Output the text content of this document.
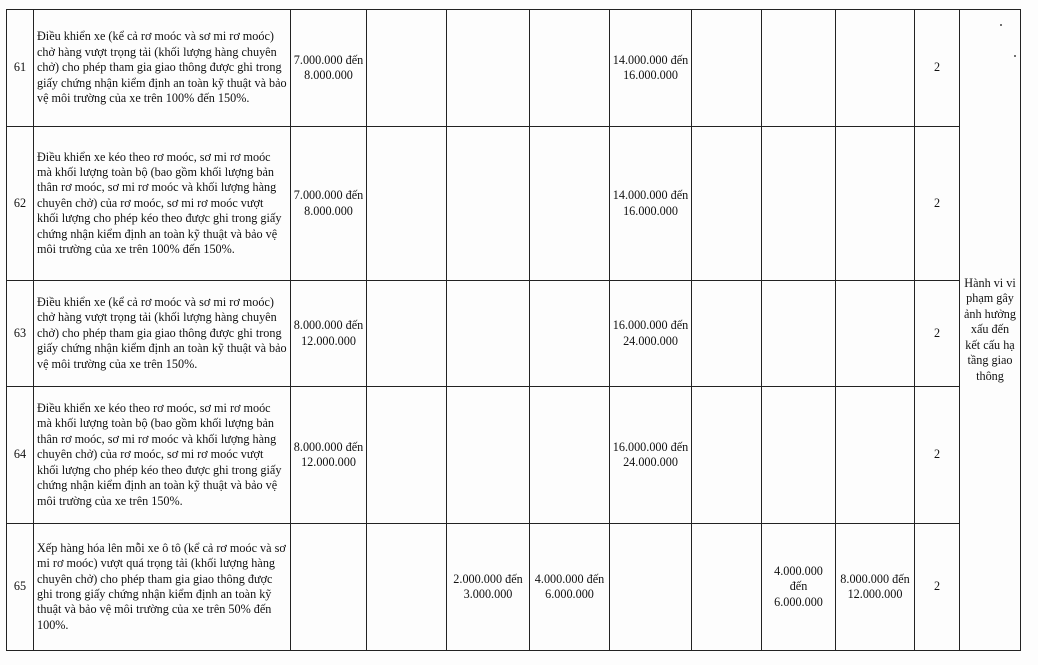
61	Điều khiển xe (kể cả rơ moóc và sơ mi rơ moóc) chở hàng vượt trọng tải (khối lượng hàng chuyên chở) cho phép tham gia giao thông được ghi trong giấy chứng nhận kiểm định an toàn kỹ thuật và bảo vệ môi trường của xe trên 100% đến 150%.	7.000.000 đến 8.000.000				14.000.000 đến 16.000.000				2	Hành vi vi phạm gây ảnh hưởng xấu đến kết cấu hạ tầng giao thông
62	Điều khiển xe kéo theo rơ moóc, sơ mi rơ moóc mà khối lượng toàn bộ (bao gồm khối lượng bản thân rơ moóc, sơ mi rơ moóc và khối lượng hàng chuyên chở) của rơ moóc, sơ mi rơ moóc vượt khối lượng cho phép kéo theo được ghi trong giấy chứng nhận kiểm định an toàn kỹ thuật và bảo vệ môi trường của xe trên 100% đến 150%.	7.000.000 đến 8.000.000				14.000.000 đến 16.000.000				2	
63	Điều khiển xe (kể cả rơ moóc và sơ mi rơ moóc) chở hàng vượt trọng tải (khối lượng hàng chuyên chở) cho phép tham gia giao thông được ghi trong giấy chứng nhận kiểm định an toàn kỹ thuật và bảo vệ môi trường của xe trên 150%.	8.000.000 đến 12.000.000				16.000.000 đến 24.000.000				2	
64	Điều khiển xe kéo theo rơ moóc, sơ mi rơ moóc mà khối lượng toàn bộ (bao gồm khối lượng bản thân rơ moóc, sơ mi rơ moóc và khối lượng hàng chuyên chở) của rơ moóc, sơ mi rơ moóc vượt khối lượng cho phép kéo theo được ghi trong giấy chứng nhận kiểm định an toàn kỹ thuật và bảo vệ môi trường của xe trên 150%.	8.000.000 đến 12.000.000				16.000.000 đến 24.000.000				2	
65	Xếp hàng hóa lên mỗi xe ô tô (kể cả rơ moóc và sơ mi rơ moóc) vượt quá trọng tải (khối lượng hàng chuyên chở) cho phép tham gia giao thông được ghi trong giấy chứng nhận kiểm định an toàn kỹ thuật và bảo vệ môi trường của xe trên 50% đến 100%.			2.000.000 đến 3.000.000	4.000.000 đến 6.000.000			4.000.000 đến 6.000.000	8.000.000 đến 12.000.000	2	
